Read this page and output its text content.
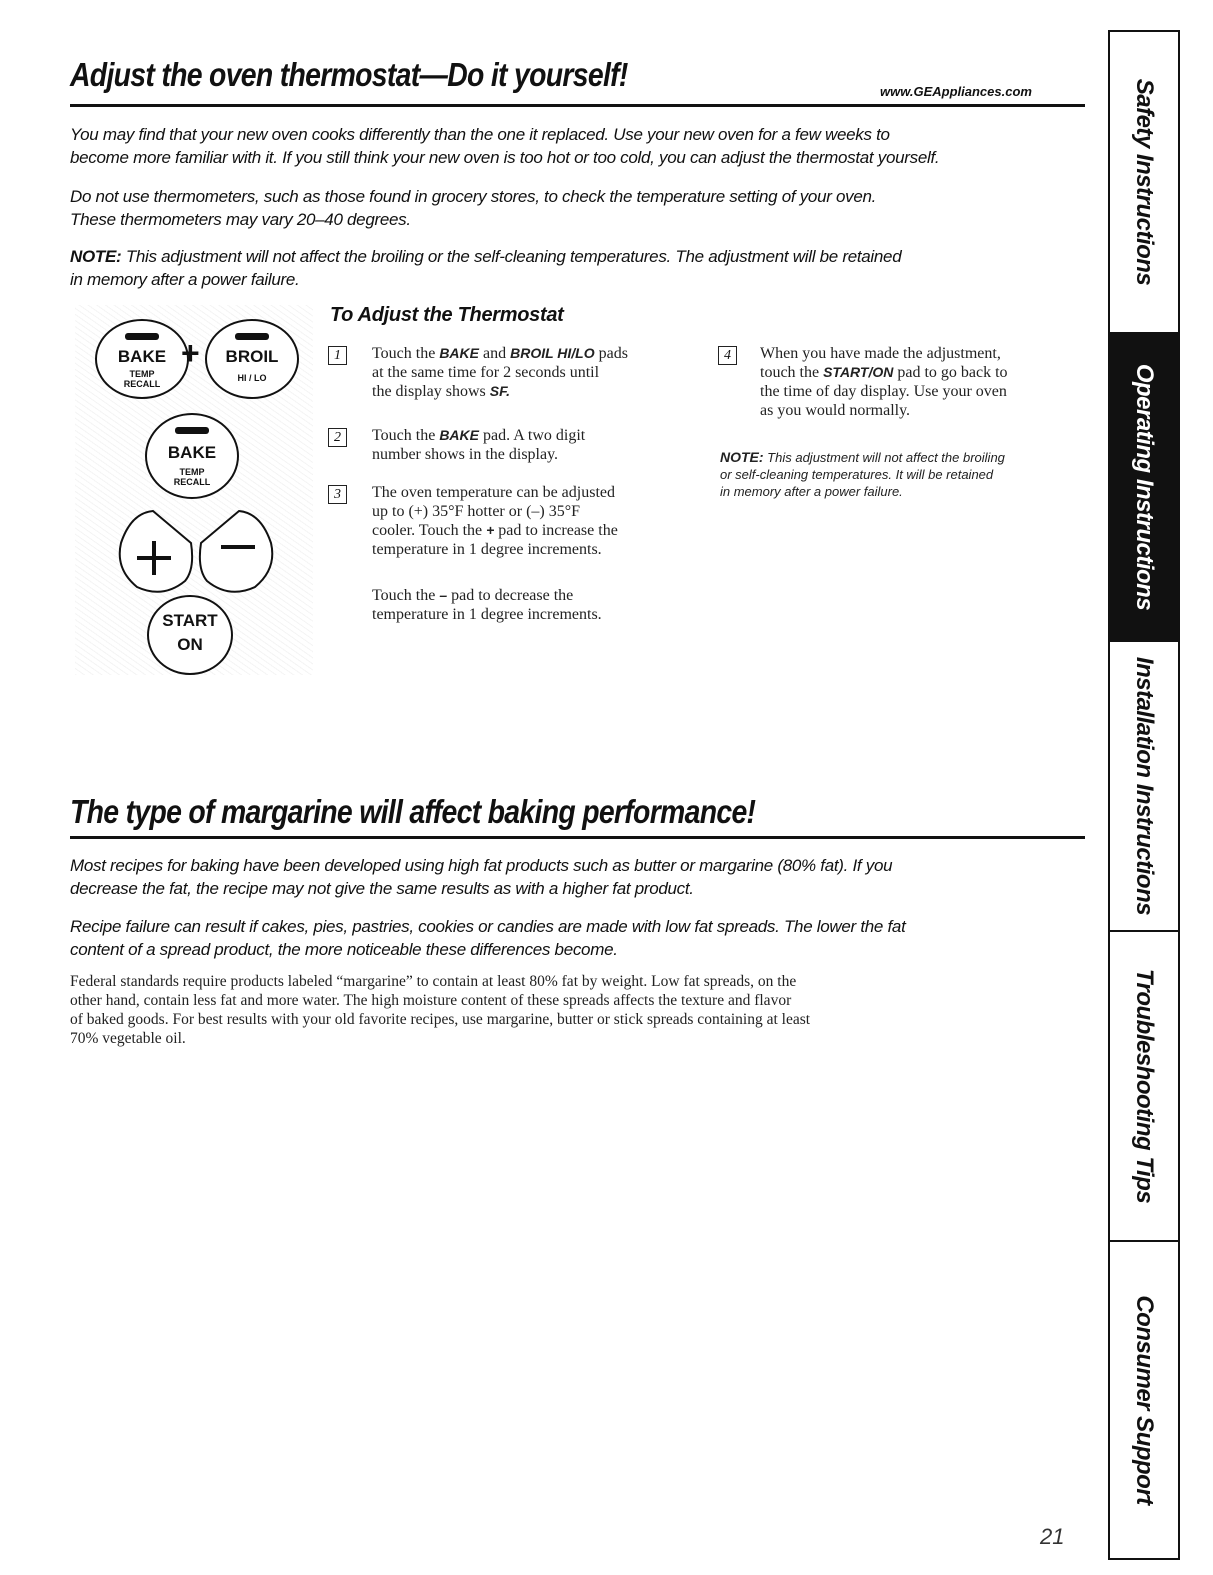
Adjust the oven thermostat—Do it yourself!	www.GEAppliances.com
You may find that your new oven cooks differently than the one it replaced. Use your new oven for a few weeks to
become more familiar with it. If you still think your new oven is too hot or too cold, you can adjust the thermostat yourself.
Do not use thermometers, such as those found in grocery stores, to check the temperature setting of your oven.
These thermometers may vary 20–40 degrees.
NOTE: This adjustment will not affect the broiling or the self-cleaning temperatures. The adjustment will be retained
in memory after a power failure.
BAKE
TEMP
RECALL
+	BROIL
HI / LO
BAKE
TEMP
RECALL
START
ON
To Adjust the Thermostat
1	Touch the BAKE and BROIL HI/LO pads
at the same time for 2 seconds until
the display shows SF.
2	Touch the BAKE pad. A two digit
number shows in the display.
3	The oven temperature can be adjusted
up to (+) 35°F hotter or (–) 35°F
cooler. Touch the + pad to increase the
temperature in 1 degree increments.
Touch the – pad to decrease the
temperature in 1 degree increments.
4	When you have made the adjustment,
touch the START/ON pad to go back to
the time of day display. Use your oven
as you would normally.
NOTE: This adjustment will not affect the broiling
or self-cleaning temperatures. It will be retained
in memory after a power failure.
The type of margarine will affect baking performance!
Most recipes for baking have been developed using high fat products such as butter or margarine (80% fat). If you
decrease the fat, the recipe may not give the same results as with a higher fat product.
Recipe failure can result if cakes, pies, pastries, cookies or candies are made with low fat spreads. The lower the fat
content of a spread product, the more noticeable these differences become.
Federal standards require products labeled “margarine” to contain at least 80% fat by weight. Low fat spreads, on the
other hand, contain less fat and more water. The high moisture content of these spreads affects the texture and flavor
of baked goods. For best results with your old favorite recipes, use margarine, butter or stick spreads containing at least
70% vegetable oil.
21
Safety Instructions
Operating Instructions
Installation Instructions
Troubleshooting Tips
Consumer Support
